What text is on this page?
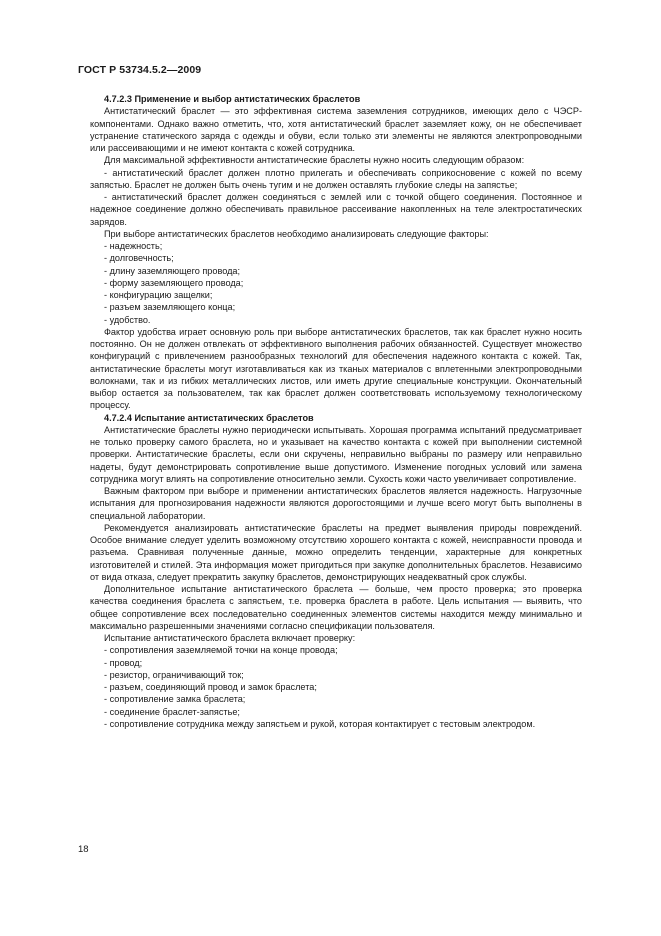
ГОСТ Р 53734.5.2—2009

4.7.2.3 Применение и выбор антистатических браслетов

Антистатический браслет — это эффективная система заземления сотрудников, имеющих дело с ЧЭСР-компонентами. Однако важно отметить, что, хотя антистатический браслет заземляет кожу, он не обеспечивает устранение статического заряда с одежды и обуви, если только эти элементы не являются электропроводными или рассеивающими и не имеют контакта с кожей сотрудника.

Для максимальной эффективности антистатические браслеты нужно носить следующим образом:

- антистатический браслет должен плотно прилегать и обеспечивать соприкосновение с кожей по всему запястью. Браслет не должен быть очень тугим и не должен оставлять глубокие следы на запястье;

- антистатический браслет должен соединяться с землей или с точкой общего соединения. Постоянное и надежное соединение должно обеспечивать правильное рассеивание накопленных на теле электростатических зарядов.

При выборе антистатических браслетов необходимо анализировать следующие факторы:

- надежность;

- долговечность;

- длину заземляющего провода;

- форму заземляющего провода;

- конфигурацию защелки;

- разъем заземляющего конца;

- удобство.

Фактор удобства играет основную роль при выборе антистатических браслетов, так как браслет нужно носить постоянно. Он не должен отвлекать от эффективного выполнения рабочих обязанностей. Существует множество конфигураций с привлечением разнообразных технологий для обеспечения надежного контакта с кожей. Так, антистатические браслеты могут изготавливаться как из тканых материалов с вплетенными электропроводными волокнами, так и из гибких металлических листов, или иметь другие специальные конструкции. Окончательный выбор остается за пользователем, так как браслет должен соответствовать используемому технологическому процессу.

4.7.2.4 Испытание антистатических браслетов

Антистатические браслеты нужно периодически испытывать. Хорошая программа испытаний предусматривает не только проверку самого браслета, но и указывает на качество контакта с кожей при выполнении системной проверки. Антистатические браслеты, если они скручены, неправильно выбраны по размеру или неправильно надеты, будут демонстрировать сопротивление выше допустимого. Изменение погодных условий или замена сотрудника могут влиять на сопротивление относительно земли. Сухость кожи часто увеличивает сопротивление.

Важным фактором при выборе и применении антистатических браслетов является надежность. Нагрузочные испытания для прогнозирования надежности являются дорогостоящими и лучше всего могут быть выполнены в специальной лаборатории.

Рекомендуется анализировать антистатические браслеты на предмет выявления природы повреждений. Особое внимание следует уделить возможному отсутствию хорошего контакта с кожей, неисправности провода и разъема. Сравнивая полученные данные, можно определить тенденции, характерные для конкретных изготовителей и стилей. Эта информация может пригодиться при закупке дополнительных браслетов. Независимо от вида отказа, следует прекратить закупку браслетов, демонстрирующих неадекватный срок службы.

Дополнительное испытание антистатического браслета — больше, чем просто проверка; это проверка качества соединения браслета с запястьем, т.е. проверка браслета в работе. Цель испытания — выявить, что общее сопротивление всех последовательно соединенных элементов системы находится между минимально и максимально разрешенными значениями согласно спецификации пользователя.

Испытание антистатического браслета включает проверку:

- сопротивления заземляемой точки на конце провода;

- провод;

- резистор, ограничивающий ток;

- разъем, соединяющий провод и замок браслета;

- сопротивление замка браслета;

- соединение браслет-запястье;

- сопротивление сотрудника между запястьем и рукой, которая контактирует с тестовым электродом.

18
